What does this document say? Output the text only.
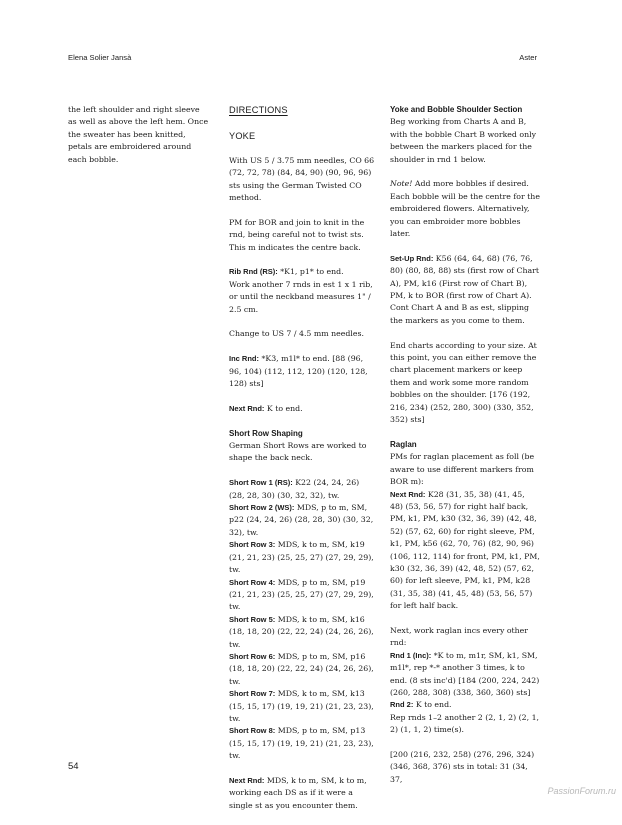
Elena Solier Jansà	Aster

the left shoulder and right sleeve as well as above the left hem. Once the sweater has been knitted, petals are embroidered around each bobble.

DIRECTIONS
YOKE

With US 5 / 3.75 mm needles, CO 66 (72, 72, 78) (84, 84, 90) (90, 96, 96) sts using the German Twisted CO method.

PM for BOR and join to knit in the rnd, being careful not to twist sts. This m indicates the centre back.

Rib Rnd (RS): *K1, p1* to end.
Work another 7 rnds in est 1 x 1 rib, or until the neckband measures 1" / 2.5 cm.

Change to US 7 / 4.5 mm needles.

Inc Rnd: *K3, m1l* to end. [88 (96, 96, 104) (112, 112, 120) (120, 128, 128) sts]
Next Rnd: K to end.
Short Row Shaping

German Short Rows are worked to shape the back neck.

Short Row 1 (RS): K22 (24, 24, 26) (28, 28, 30) (30, 32, 32), tw.
Short Row 2 (WS): MDS, p to m, SM, p22 (24, 24, 26) (28, 28, 30) (30, 32, 32), tw.
Short Row 3: MDS, k to m, SM, k19 (21, 21, 23) (25, 25, 27) (27, 29, 29), tw.
Short Row 4: MDS, p to m, SM, p19 (21, 21, 23) (25, 25, 27) (27, 29, 29), tw.
Short Row 5: MDS, k to m, SM, k16 (18, 18, 20) (22, 22, 24) (24, 26, 26), tw.
Short Row 6: MDS, p to m, SM, p16 (18, 18, 20) (22, 22, 24) (24, 26, 26), tw.
Short Row 7: MDS, k to m, SM, k13 (15, 15, 17) (19, 19, 21) (21, 23, 23), tw.
Short Row 8: MDS, p to m, SM, p13 (15, 15, 17) (19, 19, 21) (21, 23, 23), tw.
Next Rnd: MDS, k to m, SM, k to m, working each DS as if it were a single st as you encounter them.
Yoke and Bobble Shoulder Section

Beg working from Charts A and B, with the bobble Chart B worked only between the markers placed for the shoulder in rnd 1 below.

Note! Add more bobbles if desired. Each bobble will be the centre for the embroidered flowers. Alternatively, you can embroider more bobbles later.

Set-Up Rnd: K56 (64, 64, 68) (76, 76, 80) (80, 88, 88) sts (first row of Chart A), PM, k16 (First row of Chart B), PM, k to BOR (first row of Chart A). Cont Chart A and B as est, slipping the markers as you come to them.

End charts according to your size. At this point, you can either remove the chart placement markers or keep them and work some more random bobbles on the shoulder. [176 (192, 216, 234) (252, 280, 300) (330, 352, 352) sts]

Raglan
PMs for raglan placement as foll (be aware to use different markers from BOR m):

Next Rnd: K28 (31, 35, 38) (41, 45, 48) (53, 56, 57) for right half back, PM, k1, PM, k30 (32, 36, 39) (42, 48, 52) (57, 62, 60) for right sleeve, PM, k1, PM, k56 (62, 70, 76) (82, 90, 96) (106, 112, 114) for front, PM, k1, PM, k30 (32, 36, 39) (42, 48, 52) (57, 62, 60) for left sleeve, PM, k1, PM, k28 (31, 35, 38) (41, 45, 48) (53, 56, 57) for left half back.

Next, work raglan incs every other rnd:
Rnd 1 (Inc): *K to m, m1r, SM, k1, SM, m1l*, rep *-* another 3 times, k to end. (8 sts inc'd) [184 (200, 224, 242) (260, 288, 308) (338, 360, 360) sts]
Rnd 2: K to end.

Rep rnds 1–2 another 2 (2, 1, 2) (2, 1, 2) (1, 1, 2) time(s).

[200 (216, 232, 258) (276, 296, 324) (346, 368, 376) sts in total: 31 (34, 37,

54
PassionForum.ru
